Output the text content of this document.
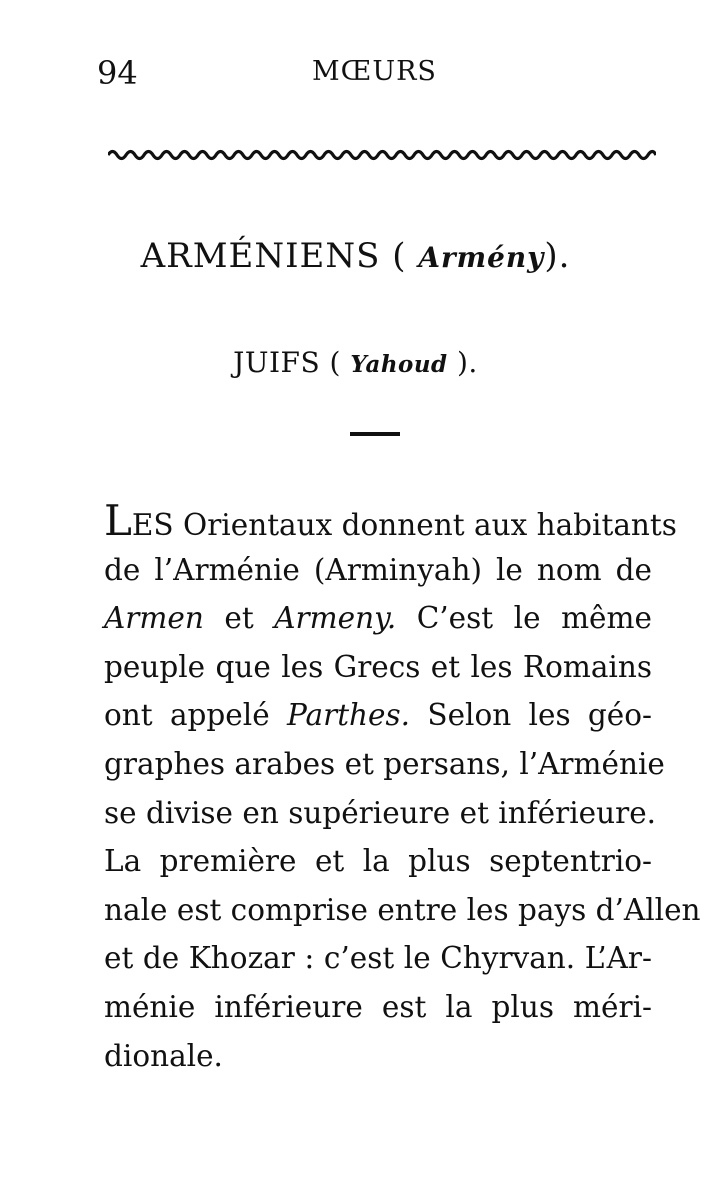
94	MŒURS
ARMÉNIENS ( Armény).
JUIFS ( Yahoud ).
LES Orientaux donnent aux habitants
de l’Arménie (Arminyah) le nom de
Armen et Armeny. C’est le même
peuple que les Grecs et les Romains
ont appelé Parthes. Selon les géo-
graphes arabes et persans, l’Arménie
se divise en supérieure et inférieure.
La première et la plus septentrio-
nale est comprise entre les pays d’Allen
et de Khozar : c’est le Chyrvan. L’Ar-
ménie inférieure est la plus méri-
dionale.
